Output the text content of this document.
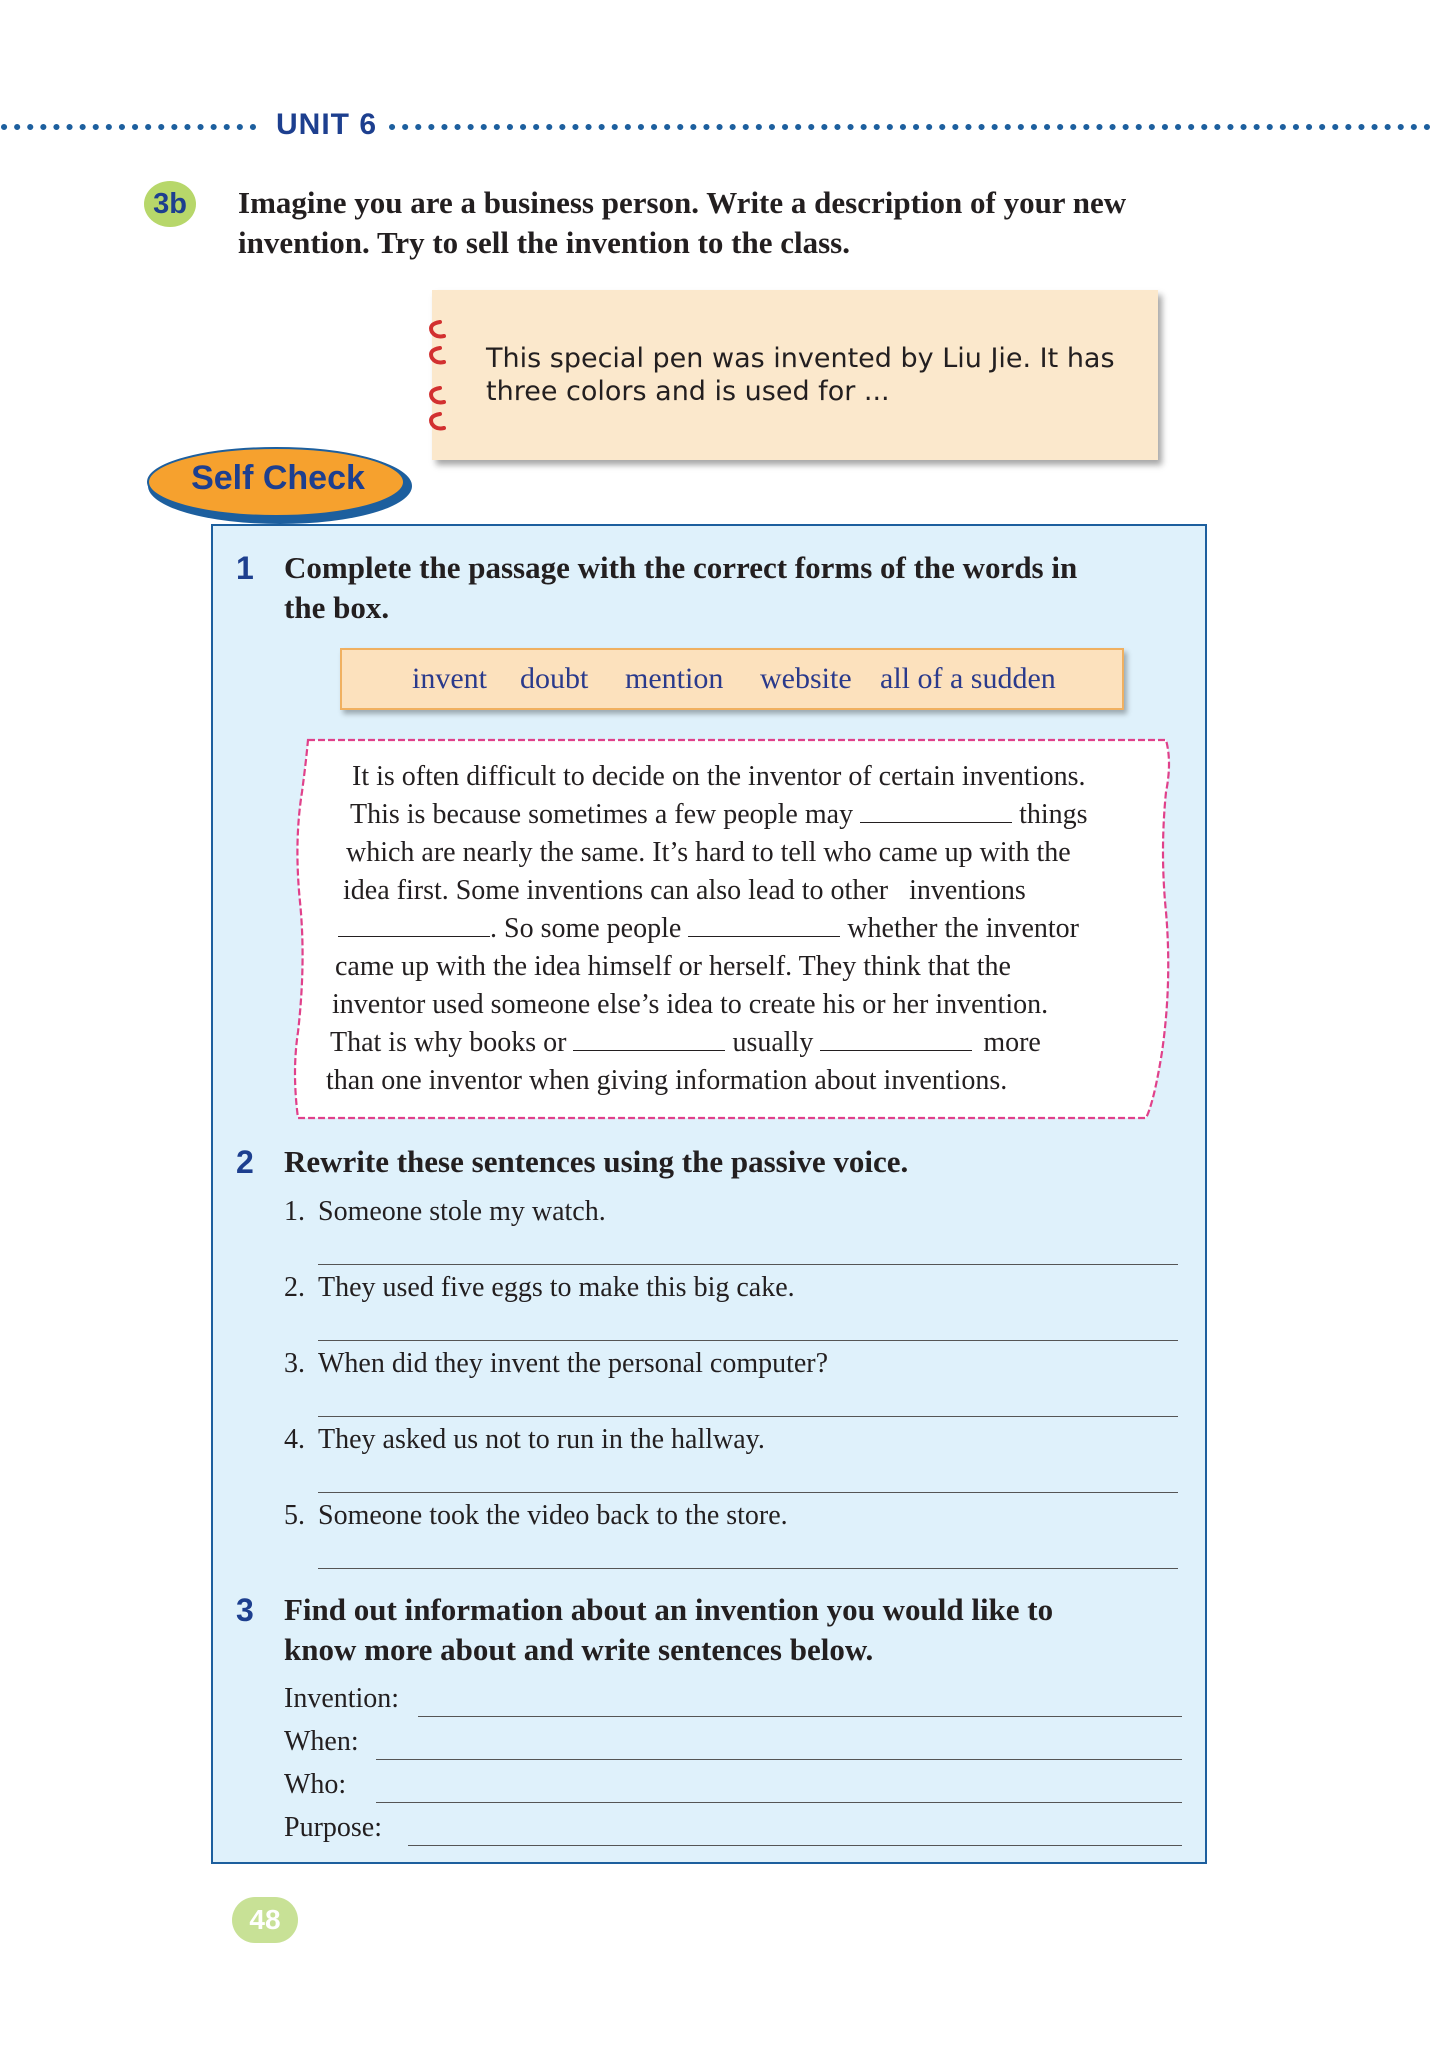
UNIT 6
3b Imagine you are a business person. Write a description of your new invention. Try to sell the invention to the class.
This special pen was invented by Liu Jie. It has
three colors and is used for ...
Self Check
1 Complete the passage with the correct forms of the words in
the box.
invent doubt mention website all of a sudden
It is often difficult to decide on the inventor of certain inventions.
This is because sometimes a few people may	things
which are nearly the same. It’s hard to tell who came up with the
idea first. Some inventions can also lead to other   inventions
. So some people	whether the inventor
came up with the idea himself or herself. They think that the
inventor used someone else’s idea to create his or her invention.
That is why books or	usually	more
than one inventor when giving information about inventions.
2 Rewrite these sentences using the passive voice.
1. Someone stole my watch.
2. They used five eggs to make this big cake.
3. When did they invent the personal computer?
4. They asked us not to run in the hallway.
5. Someone took the video back to the store.
3 Find out information about an invention you would like to
know more about and write sentences below.
Invention:
When:
Who:
Purpose:
48
